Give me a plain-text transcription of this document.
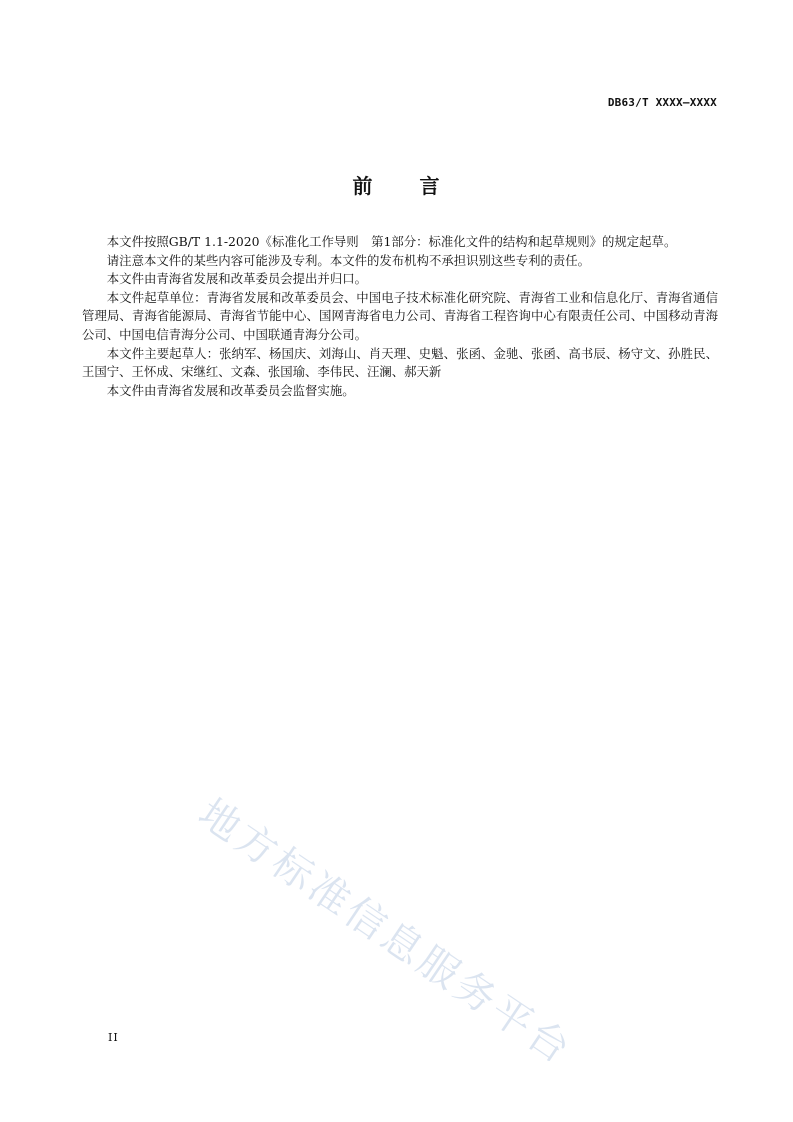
DB63/T XXXX—XXXX
前 言

本文件按照GB/T 1.1-2020《标准化工作导则　第1部分：标准化文件的结构和起草规则》的规定起草。

请注意本文件的某些内容可能涉及专利。本文件的发布机构不承担识别这些专利的责任。

本文件由青海省发展和改革委员会提出并归口。

本文件起草单位：青海省发展和改革委员会、中国电子技术标准化研究院、青海省工业和信息化厅、青海省通信管理局、青海省能源局、青海省节能中心、国网青海省电力公司、青海省工程咨询中心有限责任公司、中国移动青海公司、中国电信青海分公司、中国联通青海分公司。

本文件主要起草人：张纳军、杨国庆、刘海山、肖天理、史魁、张函、金驰、张函、高书辰、杨守文、孙胜民、王国宁、王怀成、宋继红、文森、张国瑜、李伟民、汪澜、郝天新

本文件由青海省发展和改革委员会监督实施。

地方标准信息服务平台
II
